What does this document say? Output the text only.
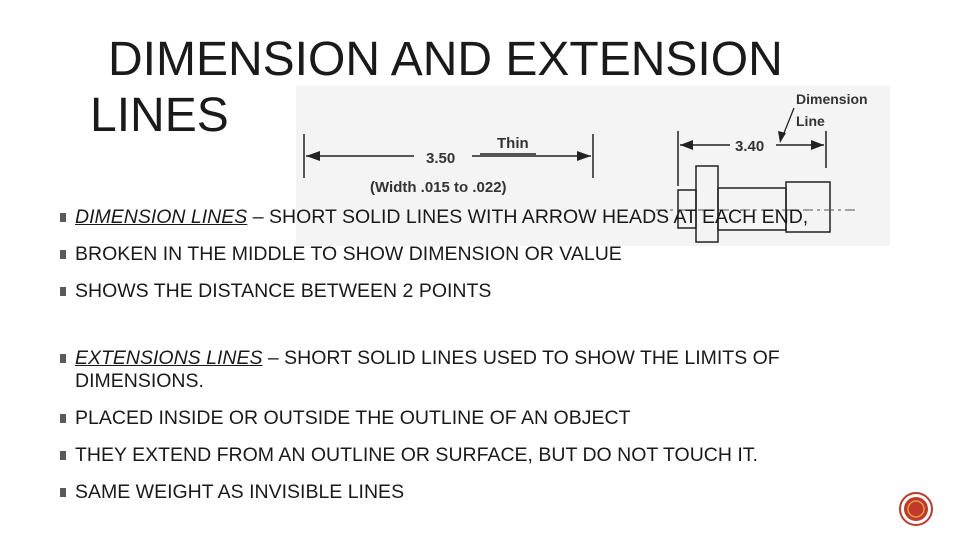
DIMENSION AND EXTENSION
LINES
3.50
Thin
(Width .015 to .022)
3.40
Dimension
Line
DIMENSION LINES – SHORT SOLID LINES WITH ARROW HEADS AT EACH END,
BROKEN IN THE MIDDLE TO SHOW DIMENSION OR VALUE
SHOWS THE DISTANCE BETWEEN 2 POINTS
EXTENSIONS LINES – SHORT SOLID LINES USED TO SHOW THE LIMITS OF DIMENSIONS.
PLACED INSIDE OR OUTSIDE THE OUTLINE OF AN OBJECT
THEY EXTEND FROM AN OUTLINE OR SURFACE, BUT DO NOT TOUCH IT.
SAME WEIGHT AS INVISIBLE LINES
